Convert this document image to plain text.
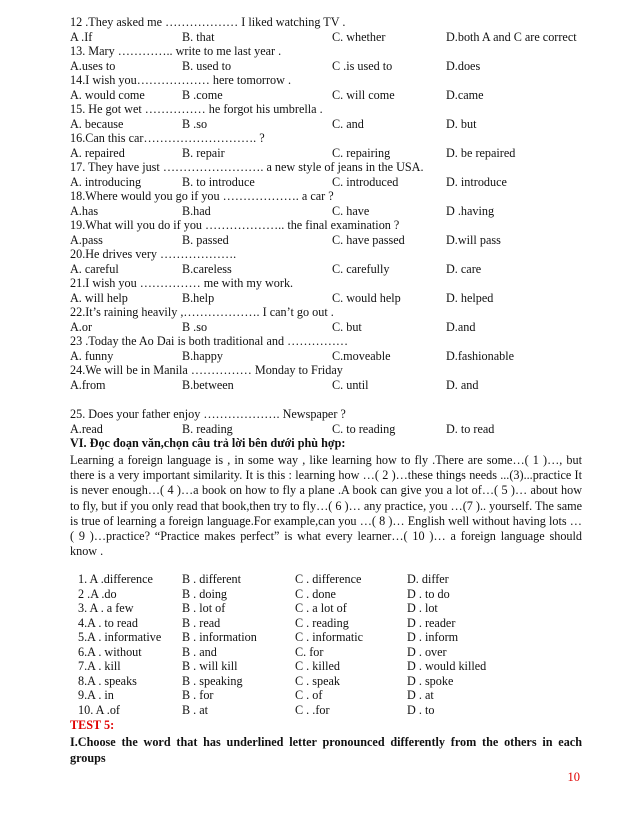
12 .They asked me ……………… I liked watching TV .
A .If	B. that	C. whether	D.both A and C are correct
13. Mary ………….. write to me last year .
A.uses to	B. used to	C .is used to	D.does
14.I wish you……………… here tomorrow .
A. would come	B .come	C. will come	D.came
15. He got wet …………… he forgot his umbrella .
A. because	B .so	C. and	D. but
16.Can this car………………………. ?
A. repaired	B. repair	C. repairing	D. be repaired
17. They have just ……………………. a new style of jeans in the USA.
A. introducing	B. to introduce	C. introduced	D. introduce
18.Where would you go if you ………………. a car ?
A.has	B.had	C. have	D .having
19.What will you do if you ……………….. the final examination ?
A.pass	B. passed	C. have passed	D.will pass
20.He drives very ……………….
A. careful	B.careless	C. carefully	D. care
21.I wish you …………… me with my work.
A. will help	B.help	C. would help	D. helped
22.It’s raining heavily ,………………. I can’t go out .
A.or	B .so	C. but	D.and
23 .Today the Ao Dai is both traditional and ……………
A. funny	B.happy	C.moveable	D.fashionable
24.We will be in Manila …………… Monday to Friday
A.from	B.between	C. until	D. and
25. Does your father enjoy ………………. Newspaper ?
A.read	B. reading	C. to reading	D. to read
VI. Đọc đoạn văn,chọn câu trả lời bên dưới phù hợp:
Learning a foreign language is , in some way , like learning how to fly .There are some…( 1 )…, but there is a very important similarity. It is this : learning how …( 2 )…these things needs ...(3)...practice It is never enough…( 4 )…a book on how to fly a plane .A book can give you a lot of…( 5 )… about how to fly, but if you only read that book,then try to fly…( 6 )… any practice, you …(7 ).. yourself. The same is true of learning a foreign language.For example,can you …( 8 )… English well without having lots …( 9 )…practice? “Practice makes perfect” is what every learner…( 10 )… a foreign language should know .
1. A .difference B . different	C . difference	D. differ
2 .A .do	B . doing	C . done	D . to do
3. A . a few	B . lot of	C . a lot of	D . lot
4.A . to read	B . read	C . reading	D . reader
5.A . informative B . information	C . informatic	D . inform
6.A . without	B . and	C. for	D . over
7.A . kill	B . will kill	C . killed	D . would killed
8.A . speaks	B . speaking	C . speak	D . spoke
9.A . in	B . for	C . of	D . at
10. A .of	B . at	C . .for	D . to
TEST 5:
I.Choose the word that has underlined letter pronounced differently from the others in each groups
10
